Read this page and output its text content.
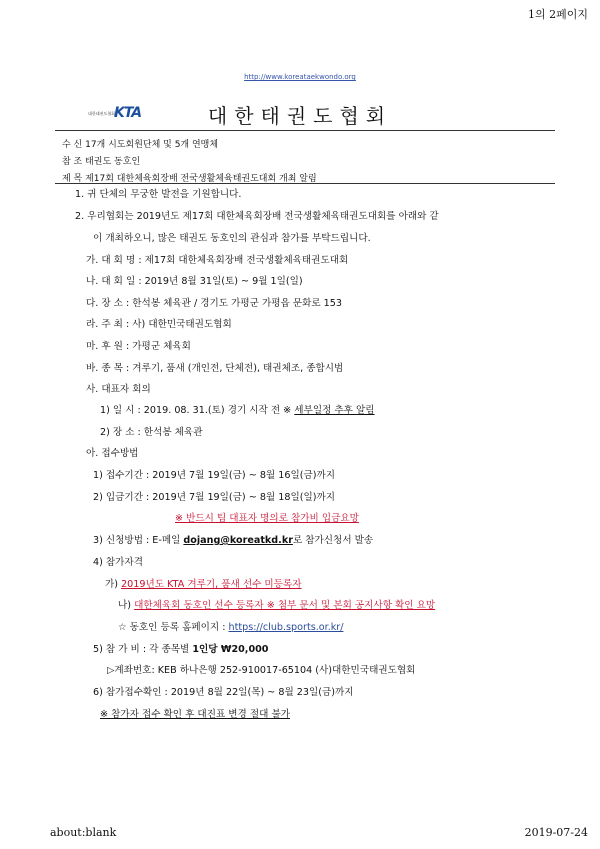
1의 2페이지
http://www.koreataekwondo.org
대한태권도협회
KTA	대한태권도협회
수 신 17개 시도회원단체 및 5개 연맹체
참 조 태권도 동호인
제 목 제17회 대한체육회장배 전국생활체육태권도대회 개최 알림
1. 귀 단체의 무궁한 발전을 기원합니다.
2. 우리협회는 2019년도 제17회 대한체육회장배 전국생활체육태권도대회를 아래와 같
이 개최하오니, 많은 태권도 동호인의 관심과 참가를 부탁드립니다.
가. 대 회 명 : 제17회 대한체육회장배 전국생활체육태권도대회
나. 대 회 일 : 2019년 8월 31일(토) ~ 9월 1일(일)
다. 장 소 : 한석봉 체육관 / 경기도 가평군 가평읍 문화로 153
라. 주 최 : 사) 대한민국태권도협회
마. 후 원 : 가평군 체육회
바. 종 목 : 겨루기, 품새 (개인전, 단체전), 태권체조, 종합시범
사. 대표자 회의
1) 일 시 : 2019. 08. 31.(토) 경기 시작 전 ※ 세부일정 추후 알림
2) 장 소 : 한석봉 체육관
아. 접수방법
1) 접수기간 : 2019년 7월 19일(금) ~ 8월 16일(금)까지
2) 입금기간 : 2019년 7월 19일(금) ~ 8월 18일(일)까지
※ 반드시 팀 대표자 명의로 참가비 입금요망
3) 신청방법 : E-메일 dojang@koreatkd.kr로 참가신청서 발송
4) 참가자격
가) 2019년도 KTA 겨루기, 품새 선수 미등록자
나) 대한체육회 동호인 선수 등록자 ※ 첨부 문서 및 본회 공지사항 확인 요망
☆ 동호인 등록 홈페이지 : https://club.sports.or.kr/
5) 참 가 비 : 각 종목별 1인당 ₩20,000
▷계좌번호: KEB 하나은행 252-910017-65104 (사)대한민국태권도협회
6) 참가접수확인 : 2019년 8월 22일(목) ~ 8월 23일(금)까지
※ 참가자 접수 확인 후 대진표 변경 절대 불가
about:blank	2019-07-24
